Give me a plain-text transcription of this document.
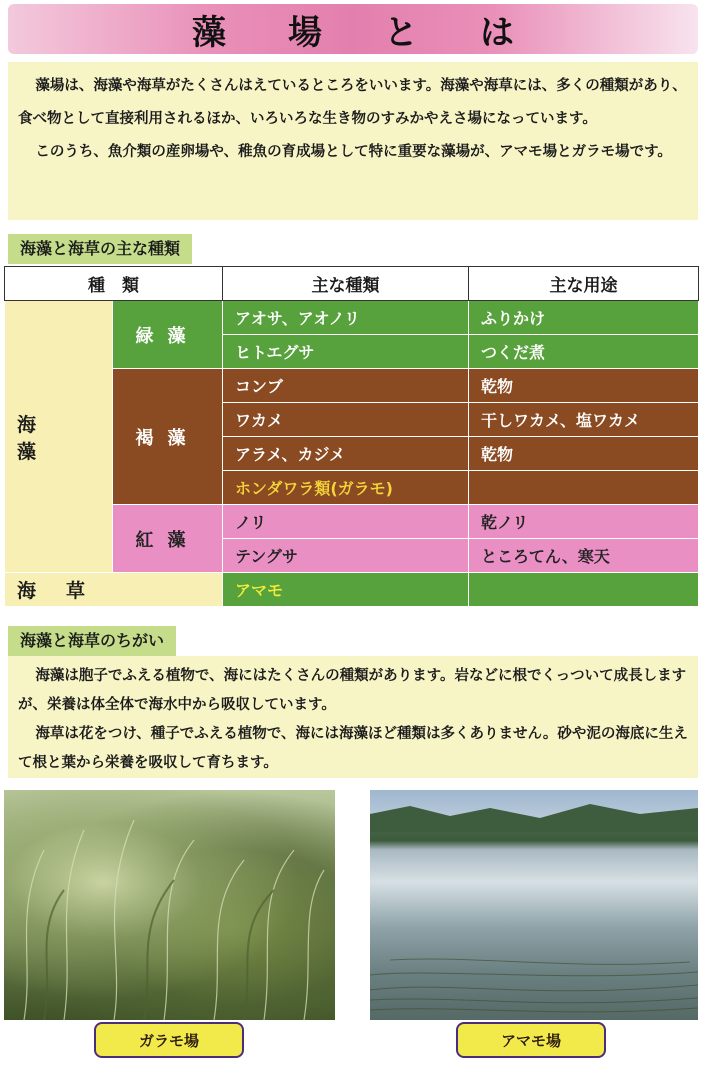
藻場とは

藻場は、海藻や海草がたくさんはえているところをいいます。海藻や海草には、多くの種類があり、食べ物として直接利用されるほか、いろいろな生き物のすみかやえさ場になっています。

このうち、魚介類の産卵場や、稚魚の育成場として特に重要な藻場が、アマモ場とガラモ場です。

海藻と海草の主な種類
種　類		主な種類	主な用途
海藻	緑藻	アオサ、アオノリ	ふりかけ
		ヒトエグサ	つくだ煮
	褐藻	コンブ	乾物
		ワカメ	干しワカメ、塩ワカメ
		アラメ、カジメ	乾物
		ホンダワラ類(ガラモ)	
	紅藻	ノリ	乾ノリ
		テングサ	ところてん、寒天
海草		アマモ	
海藻と海草のちがい

海藻は胞子でふえる植物で、海にはたくさんの種類があります。岩などに根でくっついて成長しますが、栄養は体全体で海水中から吸収しています。

海草は花をつけ、種子でふえる植物で、海には海藻ほど種類は多くありません。砂や泥の海底に生えて根と葉から栄養を吸収して育ちます。

ガラモ場	アマモ場
